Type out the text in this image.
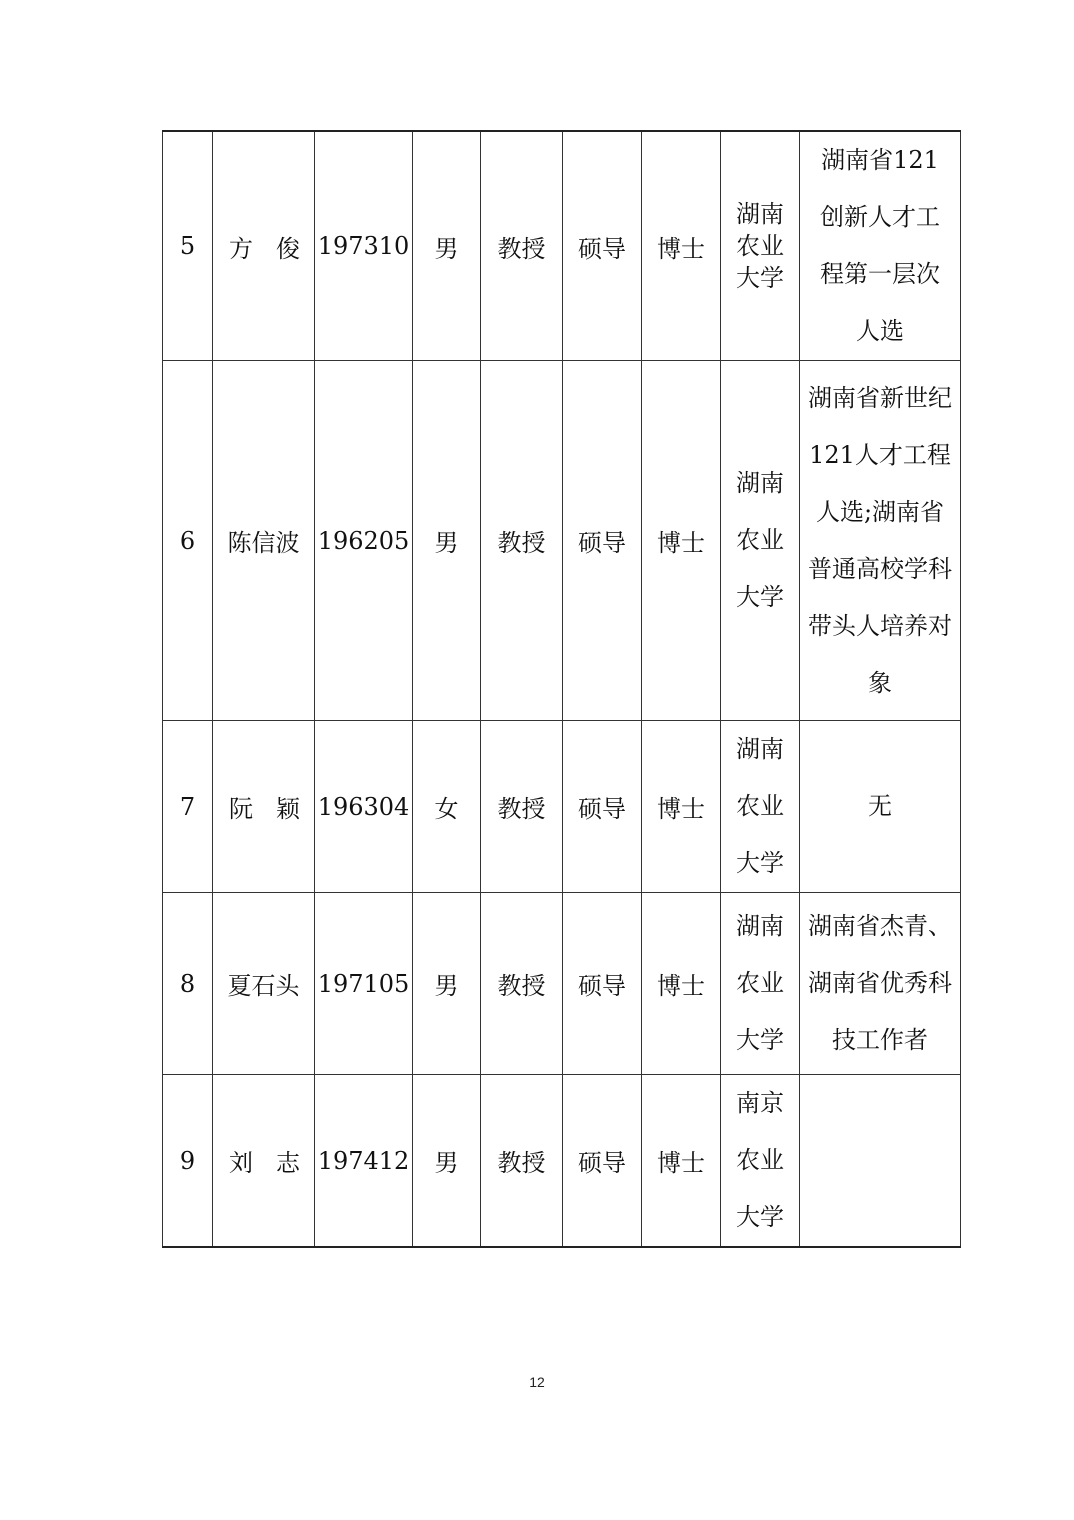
5	方 俊	197310	男	教授	硕导	博士	湖南农业大学	湖南省121创新人才工程第一层次人选

6	陈信波	196205	男	教授	硕导	博士	湖南农业大学	湖南省新世纪121人才工程人选;湖南省普通高校学科带头人培养对象

7	阮 颖	196304	女	教授	硕导	博士	湖南农业大学	无
8	夏石头	197105	男	教授	硕导	博士	湖南农业大学	湖南省杰青、湖南省优秀科技工作者

9	刘 志	197412	男	教授	硕导	博士	南京农业大学	

12
